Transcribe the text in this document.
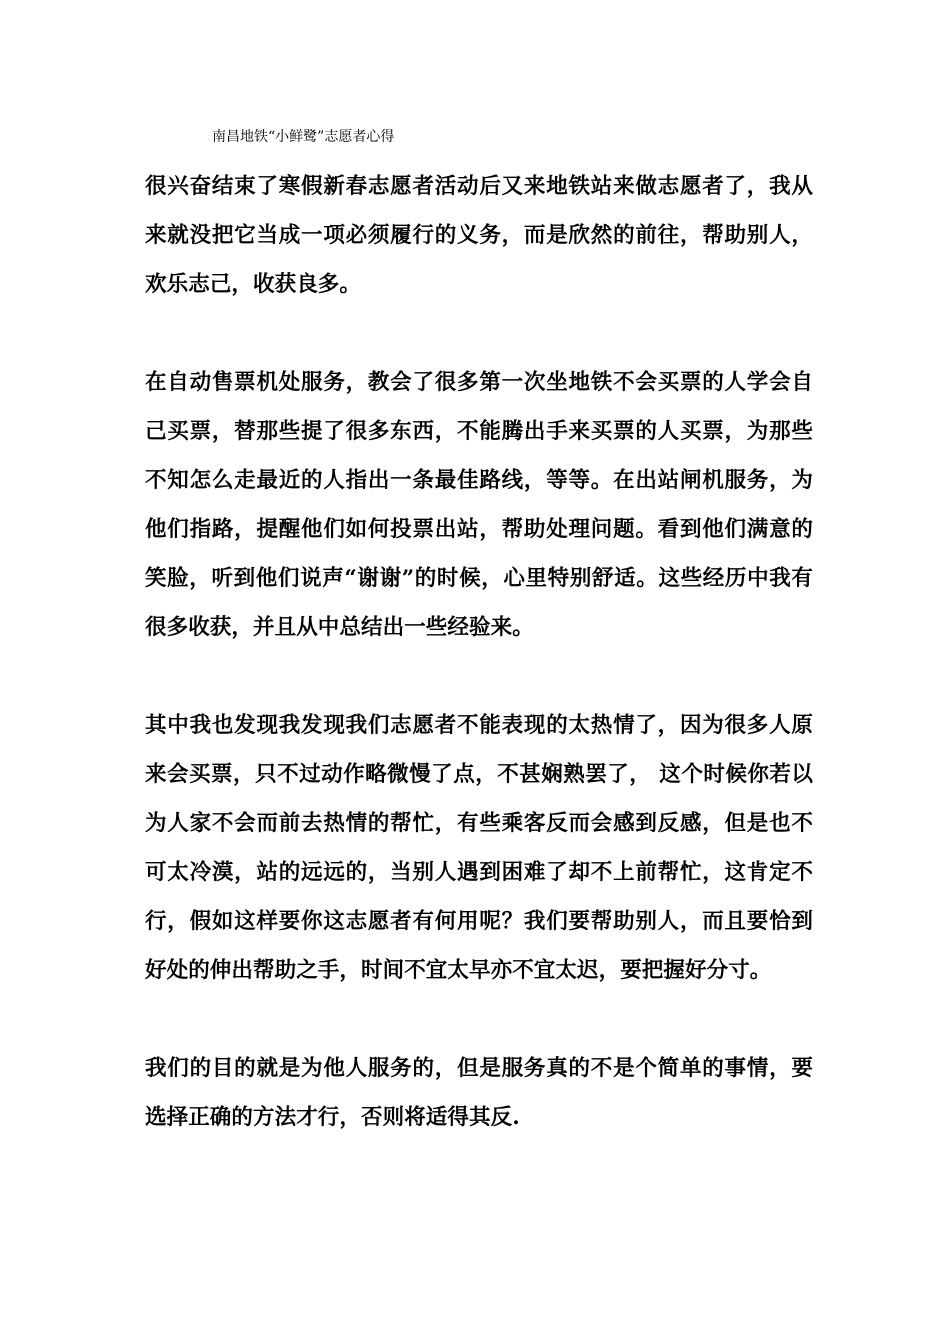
南昌地铁“小鲜鹭”志愿者心得

很兴奋结束了寒假新春志愿者活动后又来地铁站来做志愿者了，我从来就没把它当成一项必须履行的义务，而是欣然的前往，帮助别人，欢乐志己，收获良多。

在自动售票机处服务，教会了很多第一次坐地铁不会买票的人学会自己买票，替那些提了很多东西，不能腾出手来买票的人买票，为那些不知怎么走最近的人指出一条最佳路线，等等。在出站闸机服务，为他们指路，提醒他们如何投票出站，帮助处理问题。看到他们满意的笑脸，听到他们说声“谢谢”的时候，心里特别舒适。这些经历中我有很多收获，并且从中总结出一些经验来。

其中我也发现我发现我们志愿者不能表现的太热情了，因为很多人原来会买票，只不过动作略微慢了点，不甚娴熟罢了， 这个时候你若以为人家不会而前去热情的帮忙，有些乘客反而会感到反感，但是也不可太冷漠，站的远远的，当别人遇到困难了却不上前帮忙，这肯定不行，假如这样要你这志愿者有何用呢？我们要帮助别人，而且要恰到好处的伸出帮助之手，时间不宜太早亦不宜太迟，要把握好分寸。

我们的目的就是为他人服务的，但是服务真的不是个简单的事情，要选择正确的方法才行，否则将适得其反.
